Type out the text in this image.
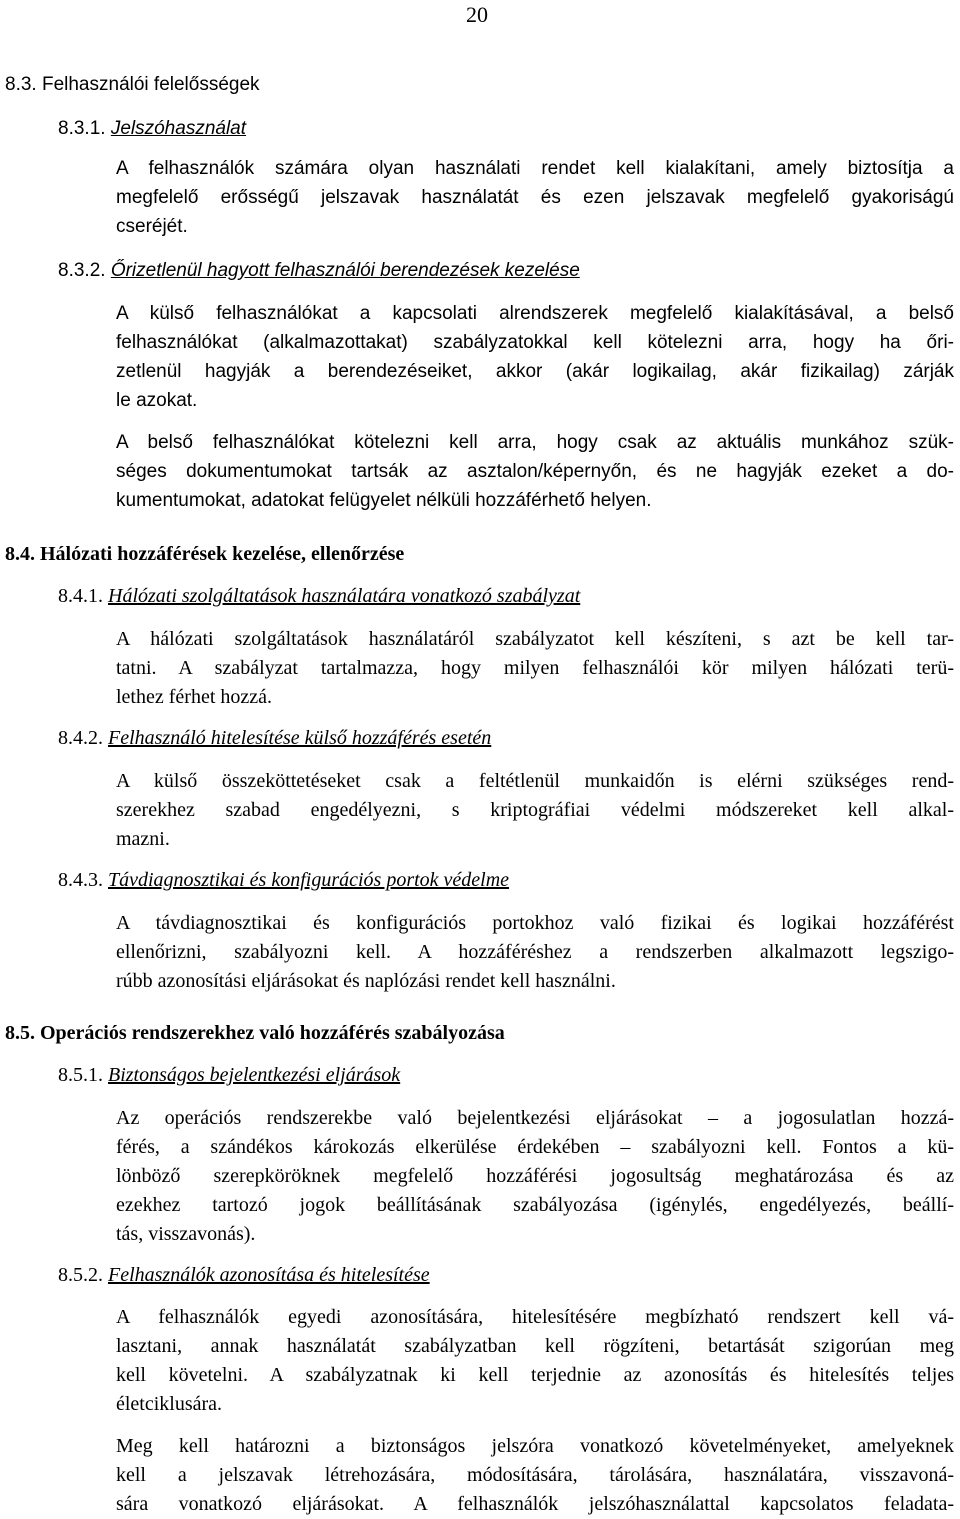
20
8.3. Felhasználói felelősségek
8.3.1. Jelszóhasználat
A felhasználók számára olyan használati rendet kell kialakítani, amely biztosítja a
megfelelő erősségű jelszavak használatát és ezen jelszavak megfelelő gyakoriságú
cseréjét.
8.3.2. Őrizetlenül hagyott felhasználói berendezések kezelése
A külső felhasználókat a kapcsolati alrendszerek megfelelő kialakításával, a belső
felhasználókat (alkalmazottakat) szabályzatokkal kell kötelezni arra, hogy ha őri-
zetlenül hagyják a berendezéseiket, akkor (akár logikailag, akár fizikailag) zárják
le azokat.
A belső felhasználókat kötelezni kell arra, hogy csak az aktuális munkához szük-
séges dokumentumokat tartsák az asztalon/képernyőn, és ne hagyják ezeket a do-
kumentumokat, adatokat felügyelet nélküli hozzáférhető helyen.
8.4. Hálózati hozzáférések kezelése, ellenőrzése
8.4.1. Hálózati szolgáltatások használatára vonatkozó szabályzat
A hálózati szolgáltatások használatáról szabályzatot kell készíteni, s azt be kell tar-
tatni. A szabályzat tartalmazza, hogy milyen felhasználói kör milyen hálózati terü-
lethez férhet hozzá.
8.4.2. Felhasználó hitelesítése külső hozzáférés esetén
A külső összeköttetéseket csak a feltétlenül munkaidőn is elérni szükséges rend-
szerekhez szabad engedélyezni, s kriptográfiai védelmi módszereket kell alkal-
mazni.
8.4.3. Távdiagnosztikai és konfigurációs portok védelme
A távdiagnosztikai és konfigurációs portokhoz való fizikai és logikai hozzáférést
ellenőrizni, szabályozni kell. A hozzáféréshez a rendszerben alkalmazott legszigo-
rúbb azonosítási eljárásokat és naplózási rendet kell használni.
8.5. Operációs rendszerekhez való hozzáférés szabályozása
8.5.1. Biztonságos bejelentkezési eljárások
Az operációs rendszerekbe való bejelentkezési eljárásokat – a jogosulatlan hozzá-
férés, a szándékos károkozás elkerülése érdekében – szabályozni kell. Fontos a kü-
lönböző szerepköröknek megfelelő hozzáférési jogosultság meghatározása és az
ezekhez tartozó jogok beállításának szabályozása (igénylés, engedélyezés, beállí-
tás, visszavonás).
8.5.2. Felhasználók azonosítása és hitelesítése
A felhasználók egyedi azonosítására, hitelesítésére megbízható rendszert kell vá-
lasztani, annak használatát szabályzatban kell rögzíteni, betartását szigorúan meg
kell követelni. A szabályzatnak ki kell terjednie az azonosítás és hitelesítés teljes
életciklusára.
Meg kell határozni a biztonságos jelszóra vonatkozó követelményeket, amelyeknek
kell a jelszavak létrehozására, módosítására, tárolására, használatára, visszavoná-
sára vonatkozó eljárásokat. A felhasználók jelszóhasználattal kapcsolatos feladata-
